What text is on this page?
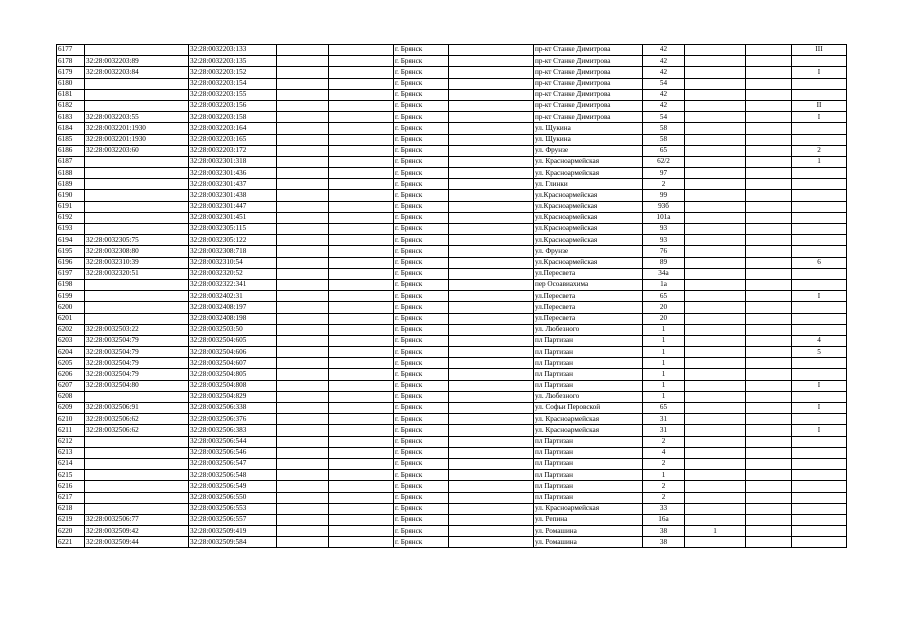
6177		32:28:0032203:133			г. Брянск		пр-кт Станке Димитрова	42			III
6178	32:28:0032203:89	32:28:0032203:135			г. Брянск		пр-кт Станке Димитрова	42			
6179	32:28:0032203:84	32:28:0032203:152			г. Брянск		пр-кт Станке Димитрова	42			I
6180		32:28:0032203:154			г. Брянск		пр-кт Станке Димитрова	54			
6181		32:28:0032203:155			г. Брянск		пр-кт Станке Димитрова	42			
6182		32:28:0032203:156			г. Брянск		пр-кт Станке Димитрова	42			II
6183	32:28:0032203:55	32:28:0032203:158			г. Брянск		пр-кт Станке Димитрова	54			I
6184	32:28:0032201:1930	32:28:0032203:164			г. Брянск		ул. Щукина	58			
6185	32:28:0032201:1930	32:28:0032203:165			г. Брянск		ул. Щукина	58			
6186	32:28:0032203:60	32:28:0032203:172			г. Брянск		ул. Фрунзе	65			2
6187		32:28:0032301:318			г. Брянск		ул. Красноармейская	62/2			1
6188		32:28:0032301:436			г. Брянск		ул. Красноармейская	97			
6189		32:28:0032301:437			г. Брянск		ул. Глинки	2			
6190		32:28:0032301:438			г. Брянск		ул.Красноармейская	99			
6191		32:28:0032301:447			г. Брянск		ул.Красноармейская	93б			
6192		32:28:0032301:451			г. Брянск		ул.Красноармейская	101а			
6193		32:28:0032305:115			г. Брянск		ул.Красноармейская	93			
6194	32:28:0032305:75	32:28:0032305:122			г. Брянск		ул.Красноармейская	93			
6195	32:28:0032308:80	32:28:0032308:718			г. Брянск		ул. Фрунзе	76			
6196	32:28:0032310:39	32:28:0032310:54			г. Брянск		ул.Красноармейская	89			6
6197	32:28:0032320:51	32:28:0032320:52			г. Брянск		ул.Пересвета	34а			
6198		32:28:0032322:341			г. Брянск		пер Осоавиахима	1а			
6199		32:28:0032402:31			г. Брянск		ул.Пересвета	65			I
6200		32:28:0032408:197			г. Брянск		ул.Пересвета	20			
6201		32:28:0032408:198			г. Брянск		ул.Пересвета	20			
6202	32:28:0032503:22	32:28:0032503:50			г. Брянск		ул. Любезного	1			
6203	32:28:0032504:79	32:28:0032504:605			г. Брянск		пл Партизан	1			4
6204	32:28:0032504:79	32:28:0032504:606			г. Брянск		пл Партизан	1			5
6205	32:28:0032504:79	32:28:0032504:607			г. Брянск		пл Партизан	1			
6206	32:28:0032504:79	32:28:0032504:805			г. Брянск		пл Партизан	1			
6207	32:28:0032504:80	32:28:0032504:808			г. Брянск		пл Партизан	1			I
6208		32:28:0032504:829			г. Брянск		ул. Любезного	1			
6209	32:28:0032506:91	32:28:0032506:338			г. Брянск		ул. Софьи Перовской	65			I
6210	32:28:0032506:62	32:28:0032506:376			г. Брянск		ул. Красноармейская	31			
6211	32:28:0032506:62	32:28:0032506:383			г. Брянск		ул. Красноармейская	31			I
6212		32:28:0032506:544			г. Брянск		пл Партизан	2			
6213		32:28:0032506:546			г. Брянск		пл Партизан	4			
6214		32:28:0032506:547			г. Брянск		пл Партизан	2			
6215		32:28:0032506:548			г. Брянск		пл Партизан	1			
6216		32:28:0032506:549			г. Брянск		пл Партизан	2			
6217		32:28:0032506:550			г. Брянск		пл Партизан	2			
6218		32:28:0032506:553			г. Брянск		ул. Красноармейская	33			
6219	32:28:0032506:77	32:28:0032506:557			г. Брянск		ул. Репина	16а			
6220	32:28:0032509:42	32:28:0032509:419			г. Брянск		ул. Ромашина	38	1		
6221	32:28:0032509:44	32:28:0032509:584			г. Брянск		ул. Ромашина	38			
